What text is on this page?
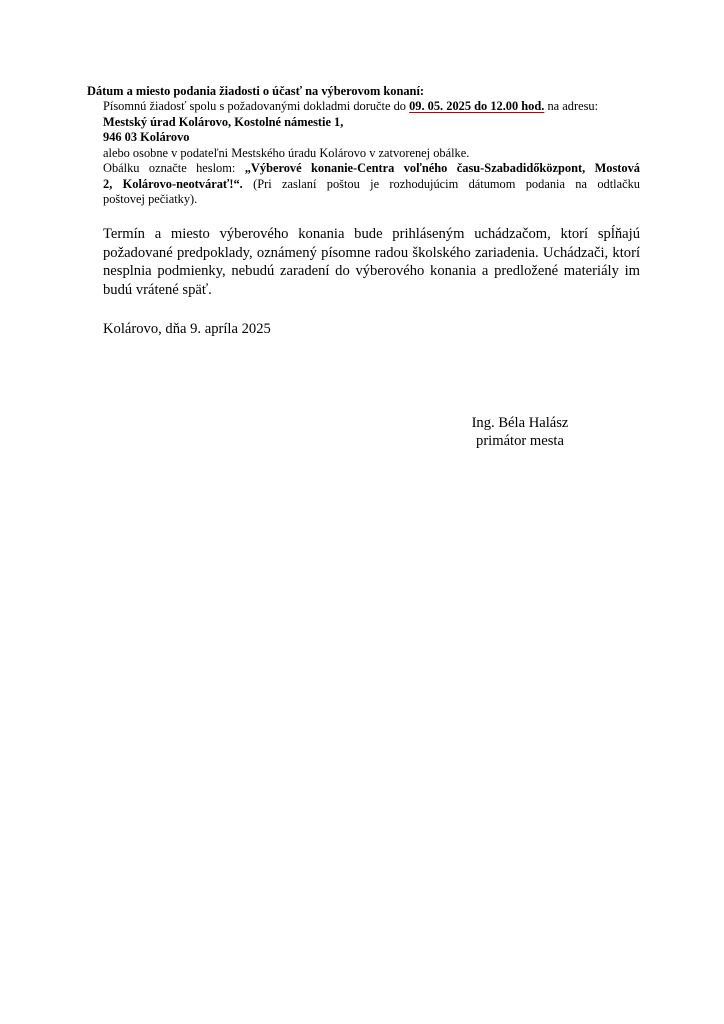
Dátum a miesto podania žiadosti o účasť na výberovom konaní:

Písomnú žiadosť spolu s požadovanými dokladmi doručte do 09. 05. 2025 do 12.00 hod. na adresu:

Mestský úrad Kolárovo, Kostolné námestie 1,

946 03 Kolárovo

alebo osobne v podateľni Mestského úradu Kolárovo v zatvorenej obálke.

Obálku označte heslom: „Výberové konanie-Centra voľného času-Szabadidőközpont, Mostová

2, Kolárovo-neotvárať!“. (Pri zaslaní poštou je rozhodujúcim dátumom podania na odtlačku

poštovej pečiatky).

Termín a miesto výberového konania bude prihláseným uchádzačom, ktorí spĺňajú
požadované predpoklady, oznámený písomne radou školského zariadenia. Uchádzači, ktorí
nesplnia podmienky, nebudú zaradení do výberového konania a predložené materiály im
budú vrátené späť.
Kolárovo, dňa 9. apríla 2025
Ing. Béla Halász
primátor mesta
